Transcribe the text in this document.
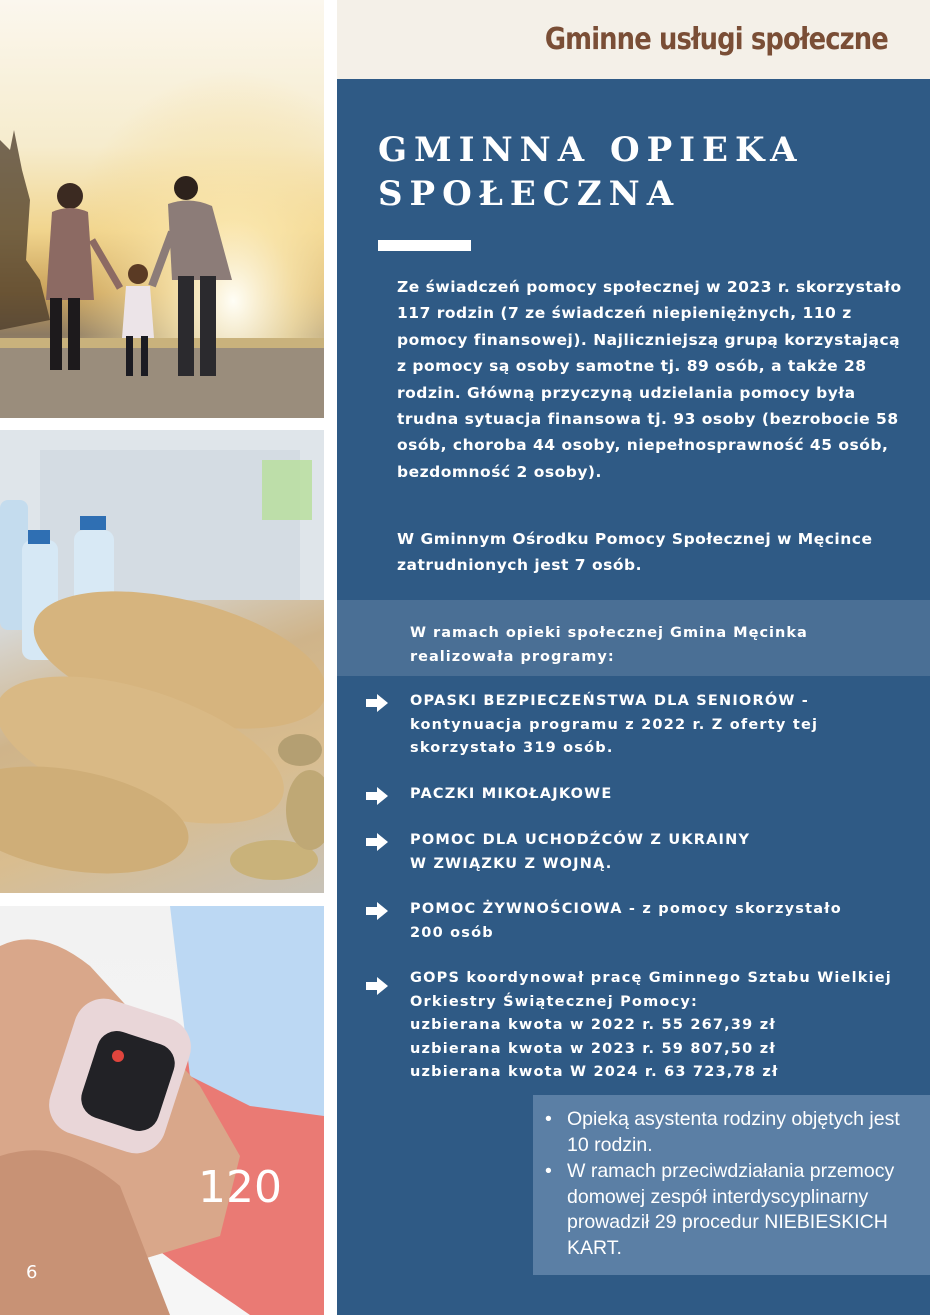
120
6
Gminne usługi społeczne
GMINNA OPIEKA
SPOŁECZNA
Ze świadczeń pomocy społecznej w 2023 r. skorzystało 117 rodzin (7 ze świadczeń niepieniężnych, 110 z pomocy finansowej). Najliczniejszą grupą korzystającą z pomocy są osoby samotne tj. 89 osób, a także 28 rodzin. Główną przyczyną udzielania pomocy była trudna sytuacja finansowa tj. 93 osoby (bezrobocie 58 osób, choroba 44 osoby, niepełnosprawność 45 osób, bezdomność 2 osoby).
W Gminnym Ośrodku Pomocy Społecznej w Męcince zatrudnionych jest 7 osób.
W ramach opieki społecznej Gmina Męcinka realizowała programy:
OPASKI BEZPIECZEŃSTWA DLA SENIORÓW - kontynuacja programu z 2022 r. Z oferty tej skorzystało 319 osób.
PACZKI MIKOŁAJKOWE
POMOC DLA UCHODŹCÓW Z UKRAINY W ZWIĄZKU Z WOJNĄ.
POMOC ŻYWNOŚCIOWA - z pomocy skorzystało 200 osób
GOPS koordynował pracę Gminnego Sztabu Wielkiej Orkiestry Świątecznej Pomocy:
uzbierana kwota w 2022 r. 55 267,39 zł
uzbierana kwota w 2023 r. 59 807,50 zł
uzbierana kwota W 2024 r. 63 723,78 zł
• Opieką asystenta rodziny objętych jest 10 rodzin.
• W ramach przeciwdziałania przemocy domowej zespół interdyscyplinarny prowadził 29 procedur NIEBIESKICH KART.
